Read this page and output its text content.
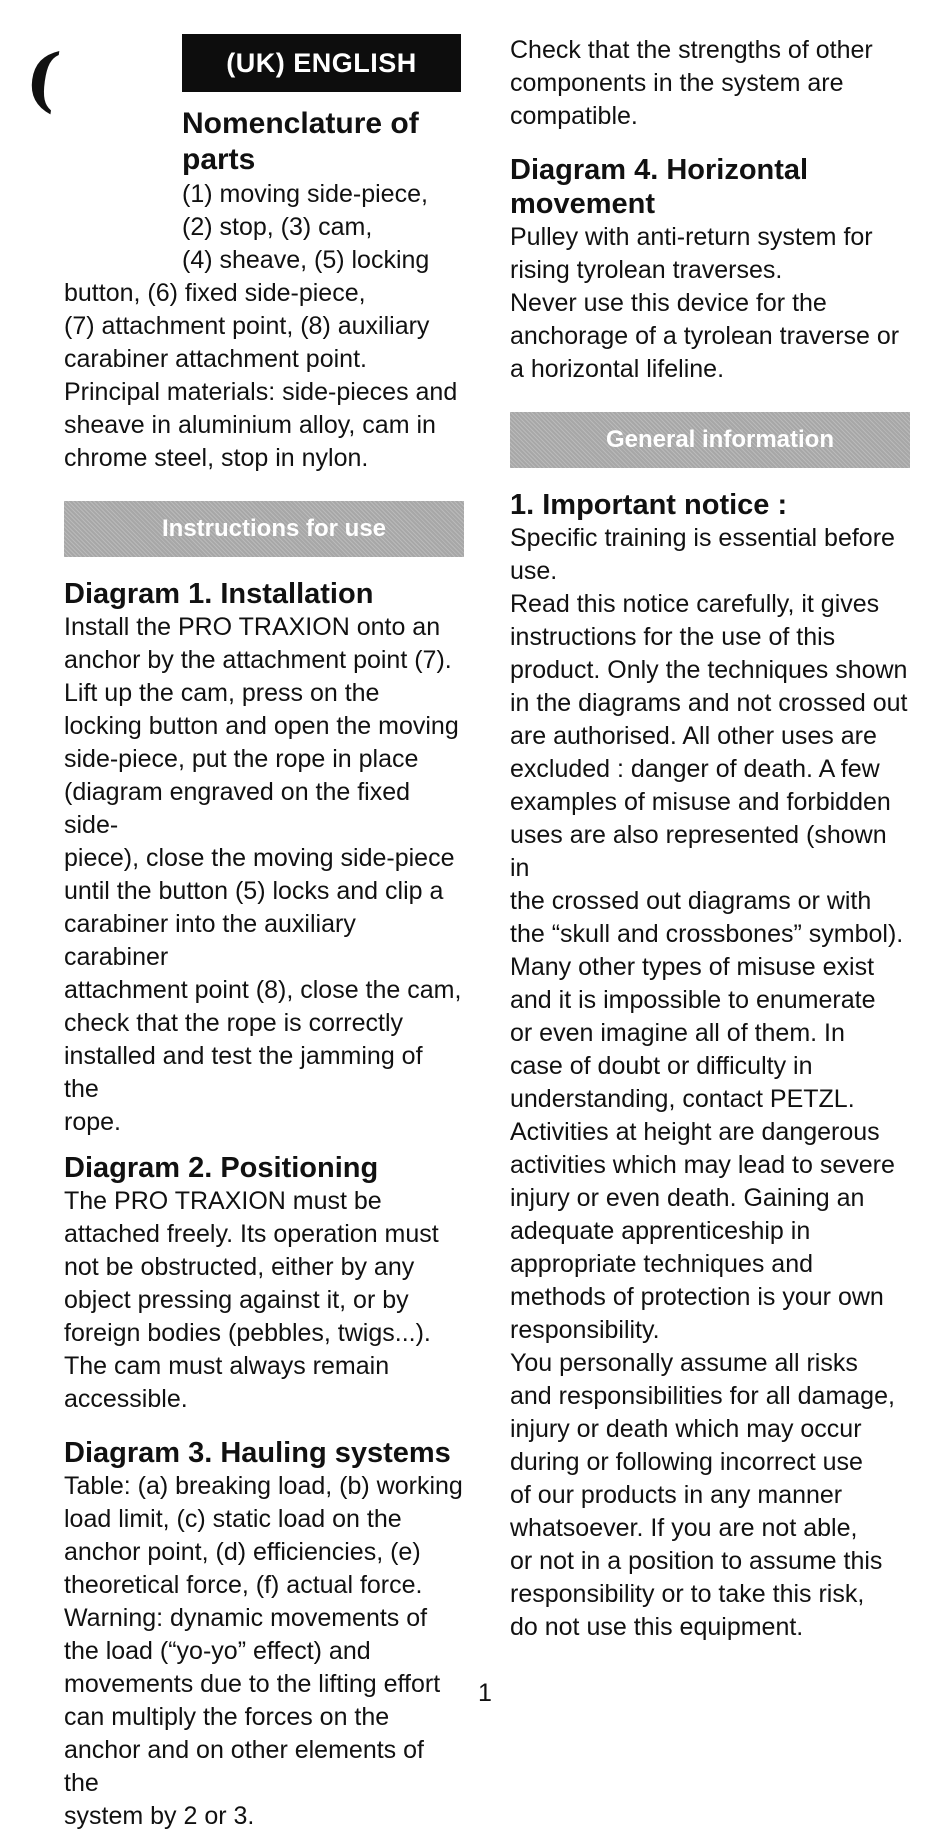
(	(UK) ENGLISH
Nomenclature of parts
(1) moving side-piece,
(2) stop, (3) cam,
(4) sheave, (5) locking
button, (6) fixed side-piece,
(7) attachment point, (8) auxiliary
carabiner attachment point.
Principal materials: side-pieces and
sheave in aluminium alloy, cam in
chrome steel, stop in nylon.
Instructions for use
Diagram 1. Installation
Install the PRO TRAXION onto an
anchor by the attachment point (7).
Lift up the cam, press on the
locking button and open the moving
side-piece, put the rope in place
(diagram engraved on the fixed side-
piece), close the moving side-piece
until the button (5) locks and clip a
carabiner into the auxiliary carabiner
attachment point (8), close the cam,
check that the rope is correctly
installed and test the jamming of the
rope.
Diagram 2. Positioning
The PRO TRAXION must be
attached freely. Its operation must
not be obstructed, either by any
object pressing against it, or by
foreign bodies (pebbles, twigs...).
The cam must always remain
accessible.
Diagram 3. Hauling systems
Table: (a) breaking load, (b) working
load limit, (c) static load on the
anchor point, (d) efficiencies, (e)
theoretical force, (f) actual force.
Warning: dynamic movements of
the load (“yo-yo” effect) and
movements due to the lifting effort
can multiply the forces on the
anchor and on other elements of the
system by 2 or 3.
Check that the strengths of other
components in the system are
compatible.
Diagram 4. Horizontal
movement
Pulley with anti-return system for
rising tyrolean traverses.
Never use this device for the
anchorage of a tyrolean traverse or
a horizontal lifeline.
General information
1. Important notice :
Specific training is essential before
use.
Read this notice carefully, it gives
instructions for the use of this
product. Only the techniques shown
in the diagrams and not crossed out
are authorised. All other uses are
excluded : danger of death. A few
examples of misuse and forbidden
uses are also represented (shown in
the crossed out diagrams or with
the “skull and crossbones” symbol).
Many other types of misuse exist
and it is impossible to enumerate
or even imagine all of them. In
case of doubt or difficulty in
understanding, contact PETZL.
Activities at height are dangerous
activities which may lead to severe
injury or even death. Gaining an
adequate apprenticeship in
appropriate techniques and
methods of protection is your own
responsibility.
You personally assume all risks
and responsibilities for all damage,
injury or death which may occur
during or following incorrect use
of our products in any manner
whatsoever. If you are not able,
or not in a position to assume this
responsibility or to take this risk,
do not use this equipment.
1
